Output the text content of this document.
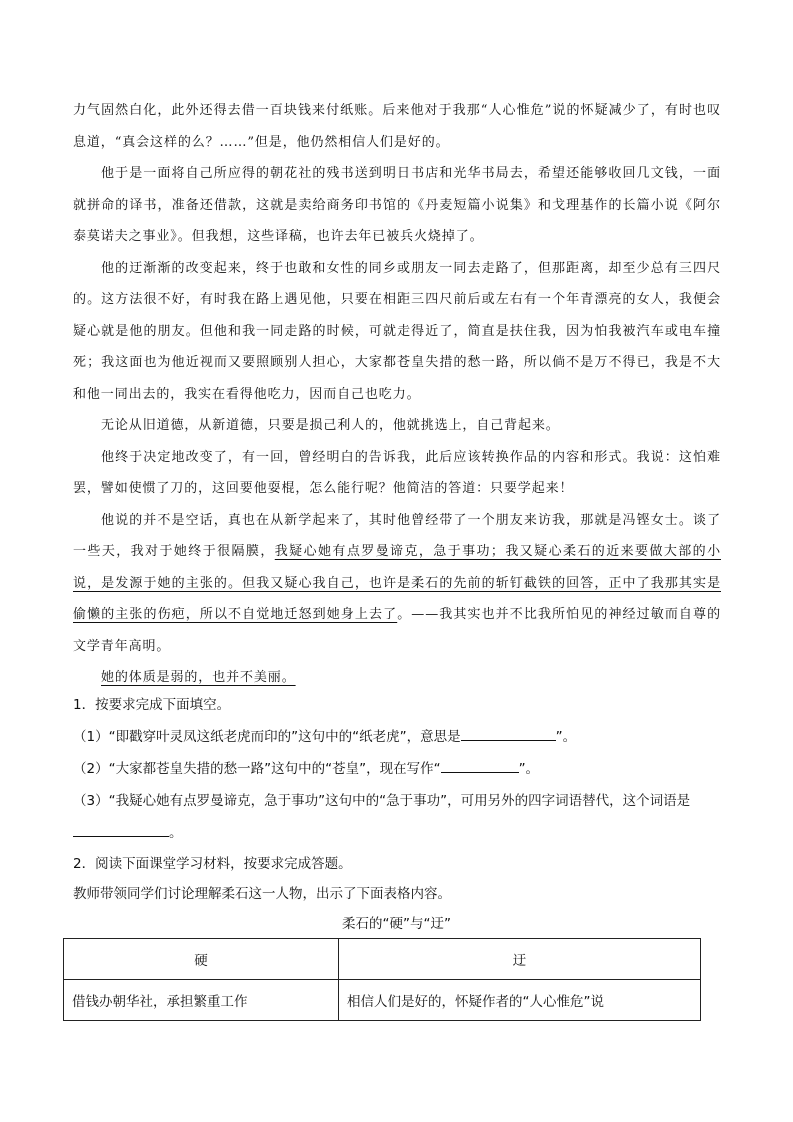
力气固然白化，此外还得去借一百块钱来付纸账。后来他对于我那“人心惟危”说的怀疑减少了，有时也叹息道，“真会这样的么？……”但是，他仍然相信人们是好的。

他于是一面将自己所应得的朝花社的残书送到明日书店和光华书局去，希望还能够收回几文钱，一面就拼命的译书，准备还借款，这就是卖给商务印书馆的《丹麦短篇小说集》和戈理基作的长篇小说《阿尔泰莫诺夫之事业》。但我想，这些译稿，也许去年已被兵火烧掉了。

他的迂渐渐的改变起来，终于也敢和女性的同乡或朋友一同去走路了，但那距离，却至少总有三四尺的。这方法很不好，有时我在路上遇见他，只要在相距三四尺前后或左右有一个年青漂亮的女人，我便会疑心就是他的朋友。但他和我一同走路的时候，可就走得近了，简直是扶住我，因为怕我被汽车或电车撞死；我这面也为他近视而又要照顾别人担心，大家都苍皇失措的愁一路，所以倘不是万不得已，我是不大和他一同出去的，我实在看得他吃力，因而自己也吃力。

无论从旧道德，从新道德，只要是损己利人的，他就挑选上，自己背起来。

他终于决定地改变了，有一回，曾经明白的告诉我，此后应该转换作品的内容和形式。我说：这怕难罢，譬如使惯了刀的，这回要他耍棍，怎么能行呢？他简洁的答道：只要学起来！

他说的并不是空话，真也在从新学起来了，其时他曾经带了一个朋友来访我，那就是冯铿女士。谈了一些天，我对于她终于很隔膜，我疑心她有点罗曼谛克，急于事功；我又疑心柔石的近来要做大部的小说，是发源于她的主张的。但我又疑心我自己，也许是柔石的先前的斩钉截铁的回答，正中了我那其实是偷懒的主张的伤疤，所以不自觉地迁怒到她身上去了。——我其实也并不比我所怕见的神经过敏而自尊的文学青年高明。

她的体质是弱的，也并不美丽。

1．按要求完成下面填空。

（1）“即戳穿叶灵凤这纸老虎而印的”这句中的“纸老虎”，意思是	”。

（2）“大家都苍皇失措的愁一路”这句中的“苍皇”，现在写作“	”。

（3）“我疑心她有点罗曼谛克，急于事功”这句中的“急于事功”，可用另外的四字词语替代，这个词语是
。

2．阅读下面课堂学习材料，按要求完成答题。

教师带领同学们讨论理解柔石这一人物，出示了下面表格内容。

柔石的“硬”与“迂”
硬	迂
借钱办朝华社，承担繁重工作	相信人们是好的，怀疑作者的“人心惟危”说
